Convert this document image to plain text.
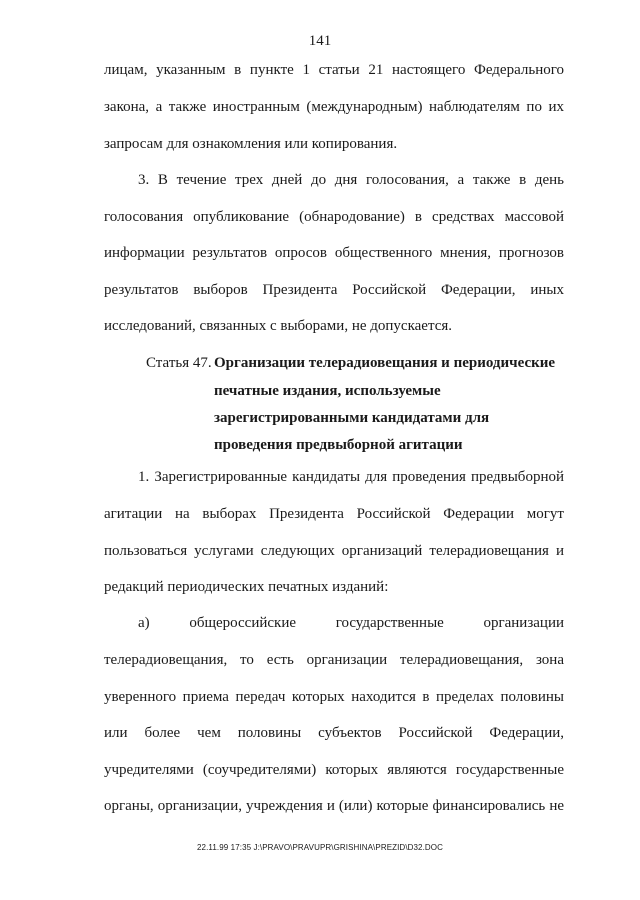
141
лицам, указанным в пункте 1 статьи 21 настоящего Федерального
закона, а также иностранным (международным) наблюдателям по их
запросам для ознакомления или копирования.
3. В течение трех дней до дня голосования, а также в день
голосования опубликование (обнародование) в средствах массовой
информации результатов опросов общественного мнения, прогнозов
результатов выборов Президента Российской Федерации, иных
исследований, связанных с выборами, не допускается.
Статья 47. Организации телерадиовещания и периодические
печатные издания, используемые
зарегистрированными кандидатами для
проведения предвыборной агитации
1. Зарегистрированные кандидаты для проведения предвыборной
агитации на выборах Президента Российской Федерации могут
пользоваться услугами следующих организаций телерадиовещания и
редакций периодических печатных изданий:
а) общероссийские государственные организации
телерадиовещания, то есть организации телерадиовещания, зона
уверенного приема передач которых находится в пределах половины
или более чем половины субъектов Российской Федерации,
учредителями (соучредителями) которых являются государственные
органы, организации, учреждения и (или) которые финансировались не
22.11.99 17:35 J:\PRAVO\PRAVUPR\GRISHINA\PREZID\D32.DOC
